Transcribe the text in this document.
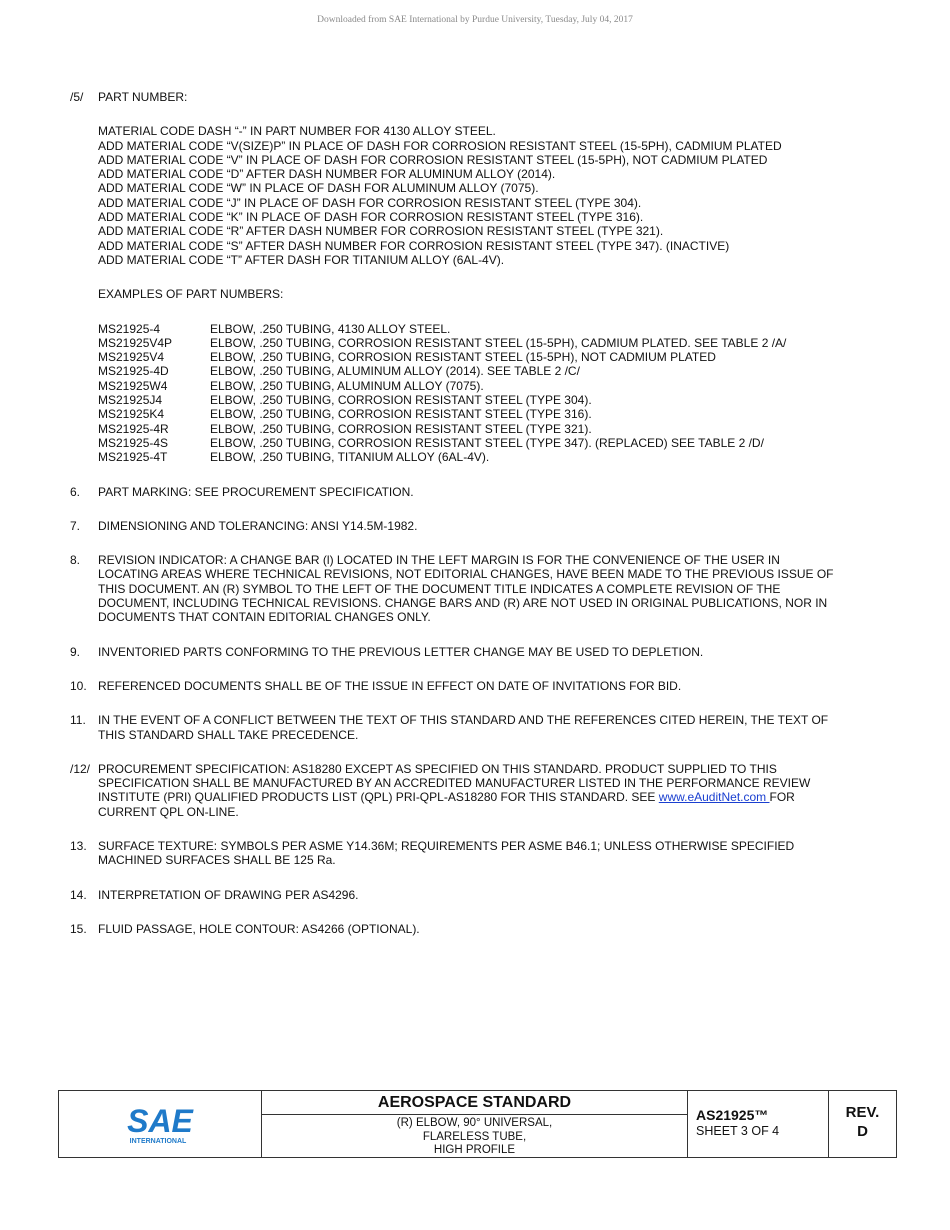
Downloaded from SAE International by Purdue University, Tuesday, July 04, 2017
/5/ PART NUMBER:
MATERIAL CODE DASH “-” IN PART NUMBER FOR 4130 ALLOY STEEL.
ADD MATERIAL CODE “V(SIZE)P” IN PLACE OF DASH FOR CORROSION RESISTANT STEEL (15-5PH), CADMIUM PLATED
ADD MATERIAL CODE “V” IN PLACE OF DASH FOR CORROSION RESISTANT STEEL (15-5PH), NOT CADMIUM PLATED
ADD MATERIAL CODE “D” AFTER DASH NUMBER FOR ALUMINUM ALLOY (2014).
ADD MATERIAL CODE “W” IN PLACE OF DASH FOR ALUMINUM ALLOY (7075).
ADD MATERIAL CODE “J” IN PLACE OF DASH FOR CORROSION RESISTANT STEEL (TYPE 304).
ADD MATERIAL CODE “K” IN PLACE OF DASH FOR CORROSION RESISTANT STEEL (TYPE 316).
ADD MATERIAL CODE “R” AFTER DASH NUMBER FOR CORROSION RESISTANT STEEL (TYPE 321).
ADD MATERIAL CODE “S” AFTER DASH NUMBER FOR CORROSION RESISTANT STEEL (TYPE 347). (INACTIVE)
ADD MATERIAL CODE “T” AFTER DASH FOR TITANIUM ALLOY (6AL-4V).
EXAMPLES OF PART NUMBERS:
MS21925-4	ELBOW, .250 TUBING, 4130 ALLOY STEEL.
MS21925V4P	ELBOW, .250 TUBING, CORROSION RESISTANT STEEL (15-5PH), CADMIUM PLATED. SEE TABLE 2 /A/
MS21925V4	ELBOW, .250 TUBING, CORROSION RESISTANT STEEL (15-5PH), NOT CADMIUM PLATED
MS21925-4D	ELBOW, .250 TUBING, ALUMINUM ALLOY (2014). SEE TABLE 2 /C/
MS21925W4	ELBOW, .250 TUBING, ALUMINUM ALLOY (7075).
MS21925J4	ELBOW, .250 TUBING, CORROSION RESISTANT STEEL (TYPE 304).
MS21925K4	ELBOW, .250 TUBING, CORROSION RESISTANT STEEL (TYPE 316).
MS21925-4R	ELBOW, .250 TUBING, CORROSION RESISTANT STEEL (TYPE 321).
MS21925-4S	ELBOW, .250 TUBING, CORROSION RESISTANT STEEL (TYPE 347). (REPLACED) SEE TABLE 2 /D/
MS21925-4T	ELBOW, .250 TUBING, TITANIUM ALLOY (6AL-4V).
6. PART MARKING: SEE PROCUREMENT SPECIFICATION.
7. DIMENSIONING AND TOLERANCING: ANSI Y14.5M-1982.
8. REVISION INDICATOR: A CHANGE BAR (l) LOCATED IN THE LEFT MARGIN IS FOR THE CONVENIENCE OF THE USER IN
LOCATING AREAS WHERE TECHNICAL REVISIONS, NOT EDITORIAL CHANGES, HAVE BEEN MADE TO THE PREVIOUS ISSUE OF
THIS DOCUMENT. AN (R) SYMBOL TO THE LEFT OF THE DOCUMENT TITLE INDICATES A COMPLETE REVISION OF THE
DOCUMENT, INCLUDING TECHNICAL REVISIONS. CHANGE BARS AND (R) ARE NOT USED IN ORIGINAL PUBLICATIONS, NOR IN
DOCUMENTS THAT CONTAIN EDITORIAL CHANGES ONLY.
9. INVENTORIED PARTS CONFORMING TO THE PREVIOUS LETTER CHANGE MAY BE USED TO DEPLETION.
10. REFERENCED DOCUMENTS SHALL BE OF THE ISSUE IN EFFECT ON DATE OF INVITATIONS FOR BID.
11. IN THE EVENT OF A CONFLICT BETWEEN THE TEXT OF THIS STANDARD AND THE REFERENCES CITED HEREIN, THE TEXT OF
THIS STANDARD SHALL TAKE PRECEDENCE.
/12/ PROCUREMENT SPECIFICATION: AS18280 EXCEPT AS SPECIFIED ON THIS STANDARD. PRODUCT SUPPLIED TO THIS
SPECIFICATION SHALL BE MANUFACTURED BY AN ACCREDITED MANUFACTURER LISTED IN THE PERFORMANCE REVIEW
INSTITUTE (PRI) QUALIFIED PRODUCTS LIST (QPL) PRI-QPL-AS18280 FOR THIS STANDARD. SEE www.eAuditNet.com FOR
CURRENT QPL ON-LINE.
13. SURFACE TEXTURE: SYMBOLS PER ASME Y14.36M; REQUIREMENTS PER ASME B46.1; UNLESS OTHERWISE SPECIFIED
MACHINED SURFACES SHALL BE 125 Ra.
14. INTERPRETATION OF DRAWING PER AS4296.
15. FLUID PASSAGE, HOLE CONTOUR: AS4266 (OPTIONAL).
SAE
INTERNATIONAL
AEROSPACE STANDARD
(R) ELBOW, 90° UNIVERSAL,
FLARELESS TUBE,
HIGH PROFILE
AS21925™
SHEET 3 OF 4
REV.
D
